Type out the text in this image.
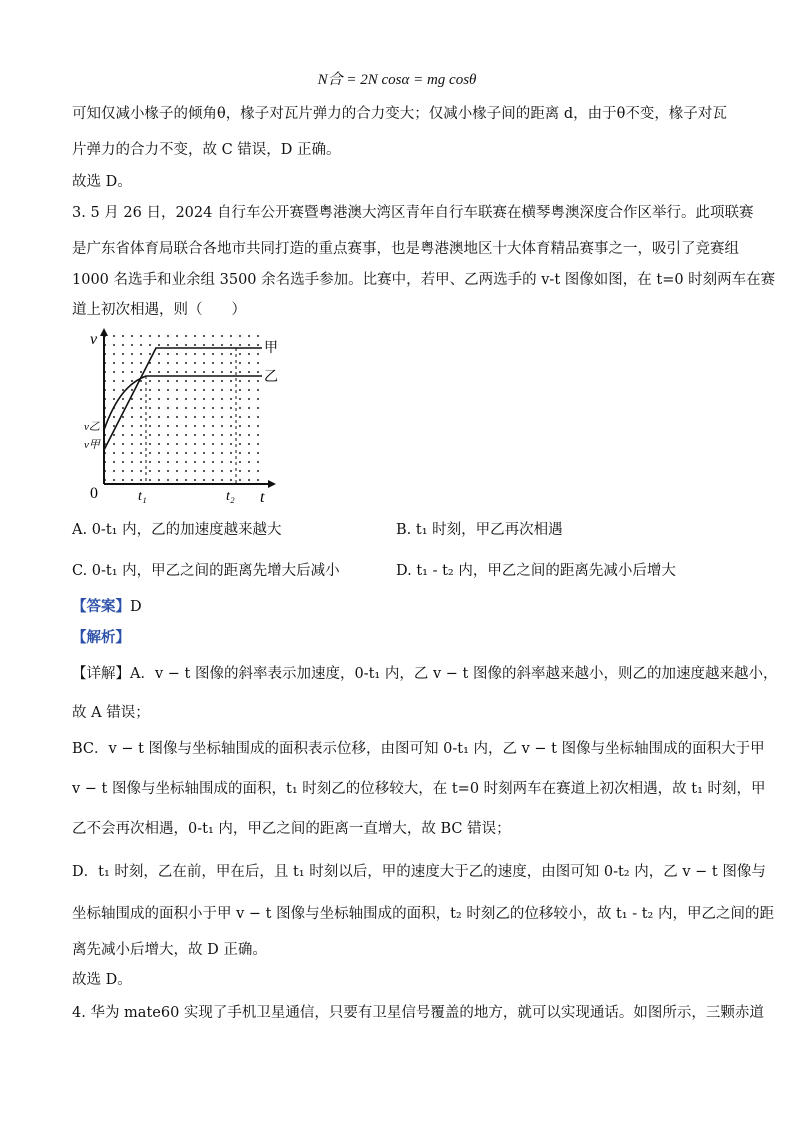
N合 = 2N cosα = mg cosθ
可知仅减小椽子的倾角θ，椽子对瓦片弹力的合力变大；仅减小椽子间的距离 d，由于θ不变，椽子对瓦
片弹力的合力不变，故 C 错误，D 正确。
故选 D。
3. 5 月 26 日，2024 自行车公开赛暨粤港澳大湾区青年自行车联赛在横琴粤澳深度合作区举行。此项联赛
是广东省体育局联合各地市共同打造的重点赛事，也是粤港澳地区十大体育精品赛事之一，吸引了竞赛组
1000 名选手和业余组 3500 余名选手参加。比赛中，若甲、乙两选手的 v-t 图像如图，在 t=0 时刻两车在赛
道上初次相遇，则（　　）
v
t
0	t₁	t₂
v乙
v甲
甲
乙
A. 0-t₁ 内，乙的加速度越来越大	B. t₁ 时刻，甲乙再次相遇
C. 0-t₁ 内，甲乙之间的距离先增大后减小	D. t₁ - t₂ 内，甲乙之间的距离先减小后增大
【答案】D
【解析】
【详解】A．v − t 图像的斜率表示加速度，0-t₁ 内，乙 v − t 图像的斜率越来越小，则乙的加速度越来越小，
故 A 错误；
BC．v − t 图像与坐标轴围成的面积表示位移，由图可知 0-t₁ 内，乙 v − t 图像与坐标轴围成的面积大于甲
v − t 图像与坐标轴围成的面积，t₁ 时刻乙的位移较大，在 t=0 时刻两车在赛道上初次相遇，故 t₁ 时刻，甲
乙不会再次相遇，0-t₁ 内，甲乙之间的距离一直增大，故 BC 错误；
D．t₁ 时刻，乙在前，甲在后，且 t₁ 时刻以后，甲的速度大于乙的速度，由图可知 0-t₂ 内，乙 v − t 图像与
坐标轴围成的面积小于甲 v − t 图像与坐标轴围成的面积，t₂ 时刻乙的位移较小，故 t₁ - t₂ 内，甲乙之间的距
离先减小后增大，故 D 正确。
故选 D。
4. 华为 mate60 实现了手机卫星通信，只要有卫星信号覆盖的地方，就可以实现通话。如图所示，三颗赤道
